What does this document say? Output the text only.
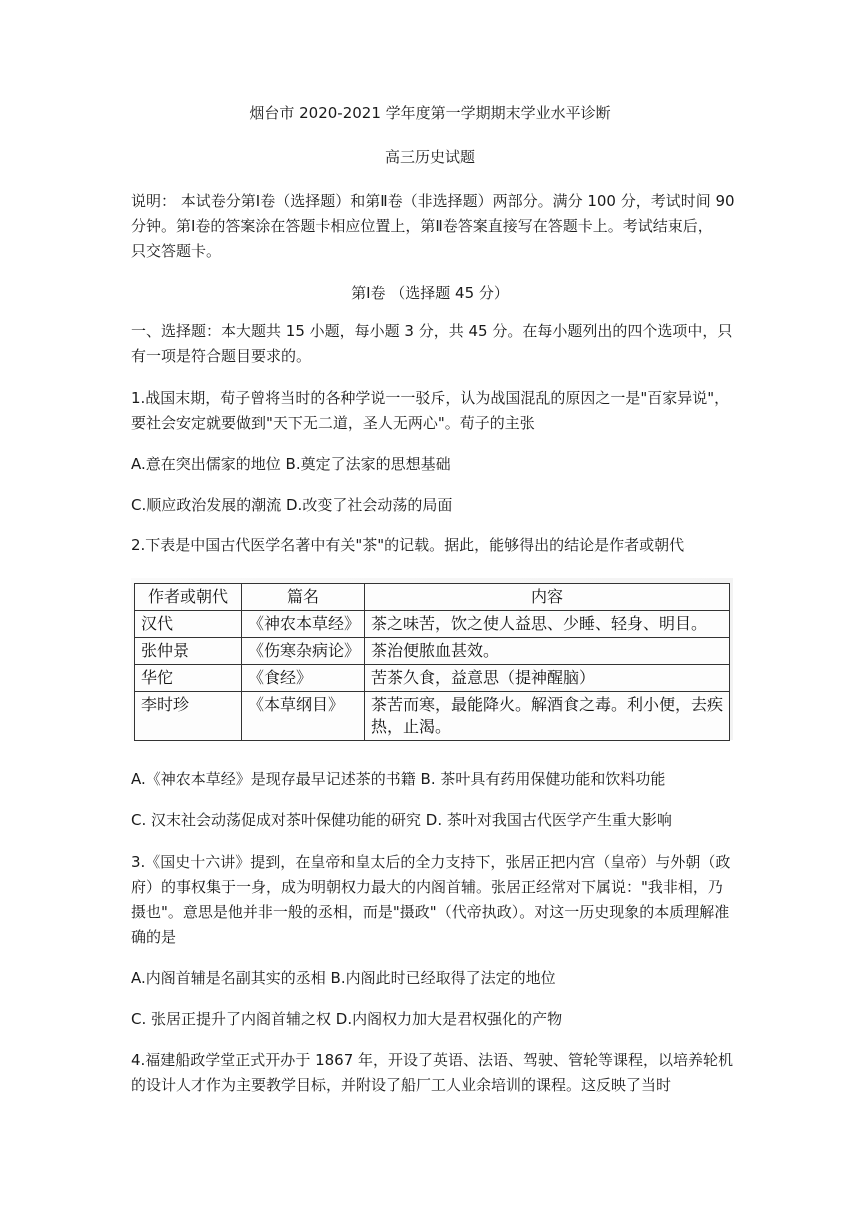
烟台市 2020-2021 学年度第一学期期末学业水平诊断
高三历史试题
说明： 本试卷分第Ⅰ卷（选择题）和第Ⅱ卷（非选择题）两部分。满分 100 分，考试时间 90
分钟。第Ⅰ卷的答案涂在答题卡相应位置上，第Ⅱ卷答案直接写在答题卡上。考试结束后，
只交答题卡。
第Ⅰ卷 （选择题 45 分）
一、选择题：本大题共 15 小题，每小题 3 分，共 45 分。在每小题列出的四个选项中，只
有一项是符合题目要求的。
1.战国末期，荀子曾将当时的各种学说一一驳斥，认为战国混乱的原因之一是"百家异说"，
要社会安定就要做到"天下无二道，圣人无两心"。荀子的主张
A.意在突出儒家的地位 B.奠定了法家的思想基础
C.顺应政治发展的潮流 D.改变了社会动荡的局面
2.下表是中国古代医学名著中有关"茶"的记载。据此，能够得出的结论是作者或朝代
作者或朝代	篇名	内容
汉代	《神农本草经》	茶之味苦，饮之使人益思、少睡、轻身、明目。
张仲景	《伤寒杂病论》	茶治便脓血甚效。
华佗	《食经》	苦茶久食，益意思（提神醒脑）
李时珍	《本草纲目》	茶苦而寒，最能降火。解酒食之毒。利小便，去疾热，止渴。
A.《神农本草经》是现存最早记述茶的书籍 B. 茶叶具有药用保健功能和饮料功能
C. 汉末社会动荡促成对茶叶保健功能的研究 D. 茶叶对我国古代医学产生重大影响
3.《国史十六讲》提到，在皇帝和皇太后的全力支持下，张居正把内宫（皇帝）与外朝（政
府）的事权集于一身，成为明朝权力最大的内阁首辅。张居正经常对下属说："我非相，乃
摄也"。意思是他并非一般的丞相，而是"摄政"（代帝执政）。对这一历史现象的本质理解准
确的是
A.内阁首辅是名副其实的丞相 B.内阁此时已经取得了法定的地位
C. 张居正提升了内阁首辅之权 D.内阁权力加大是君权强化的产物
4.福建船政学堂正式开办于 1867 年，开设了英语、法语、驾驶、管轮等课程，以培养轮机
的设计人才作为主要教学目标，并附设了船厂工人业余培训的课程。这反映了当时
